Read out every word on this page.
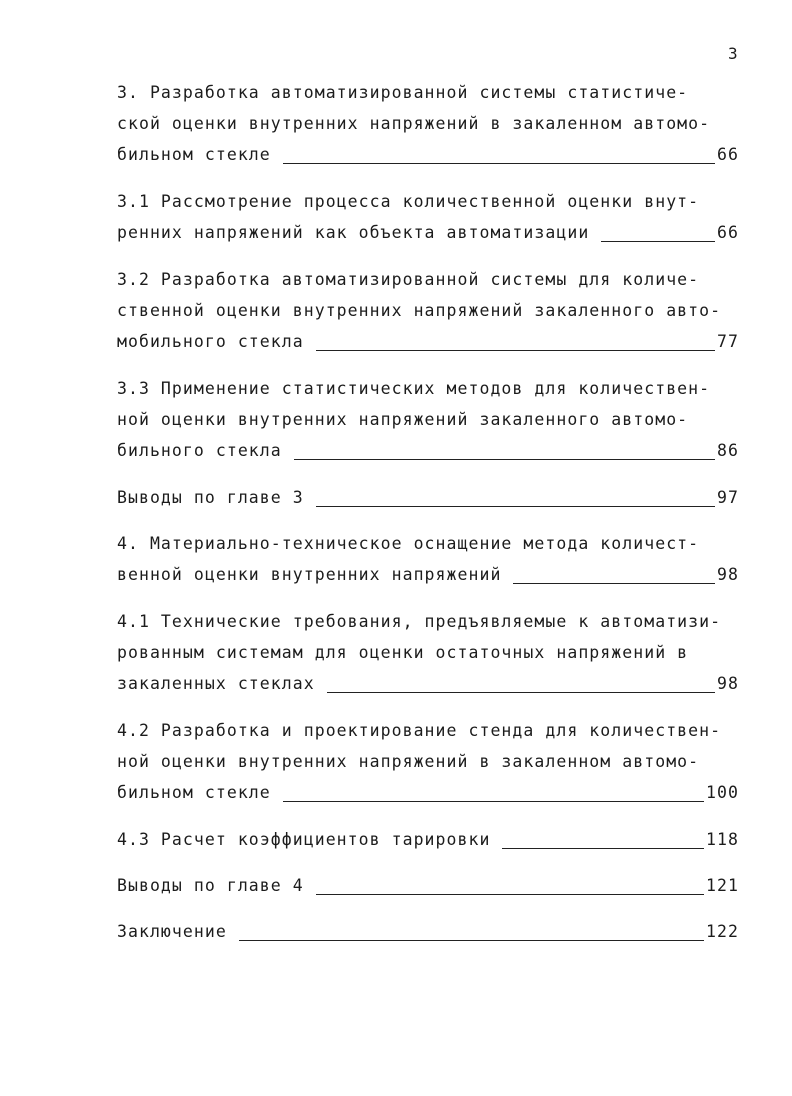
3
3. Разработка автоматизированной системы статистиче-
ской оценки внутренних напряжений в закаленном автомо-
бильном стекле	66
3.1 Рассмотрение процесса количественной оценки внут-
ренних напряжений как объекта автоматизации	66
3.2 Разработка автоматизированной системы для количе-
ственной оценки внутренних напряжений закаленного авто-
мобильного стекла	77
3.3 Применение статистических методов для количествен-
ной оценки внутренних напряжений закаленного автомо-
бильного стекла	86
Выводы по главе 3	97
4. Материально-техническое оснащение метода количест-
венной оценки внутренних напряжений	98
4.1 Технические требования, предъявляемые к автоматизи-
рованным системам для оценки остаточных напряжений в
закаленных стеклах	98
4.2 Разработка и проектирование стенда для количествен-
ной оценки внутренних напряжений в закаленном автомо-
бильном стекле	100
4.3 Расчет коэффициентов тарировки	118
Выводы по главе 4	121
Заключение	122
